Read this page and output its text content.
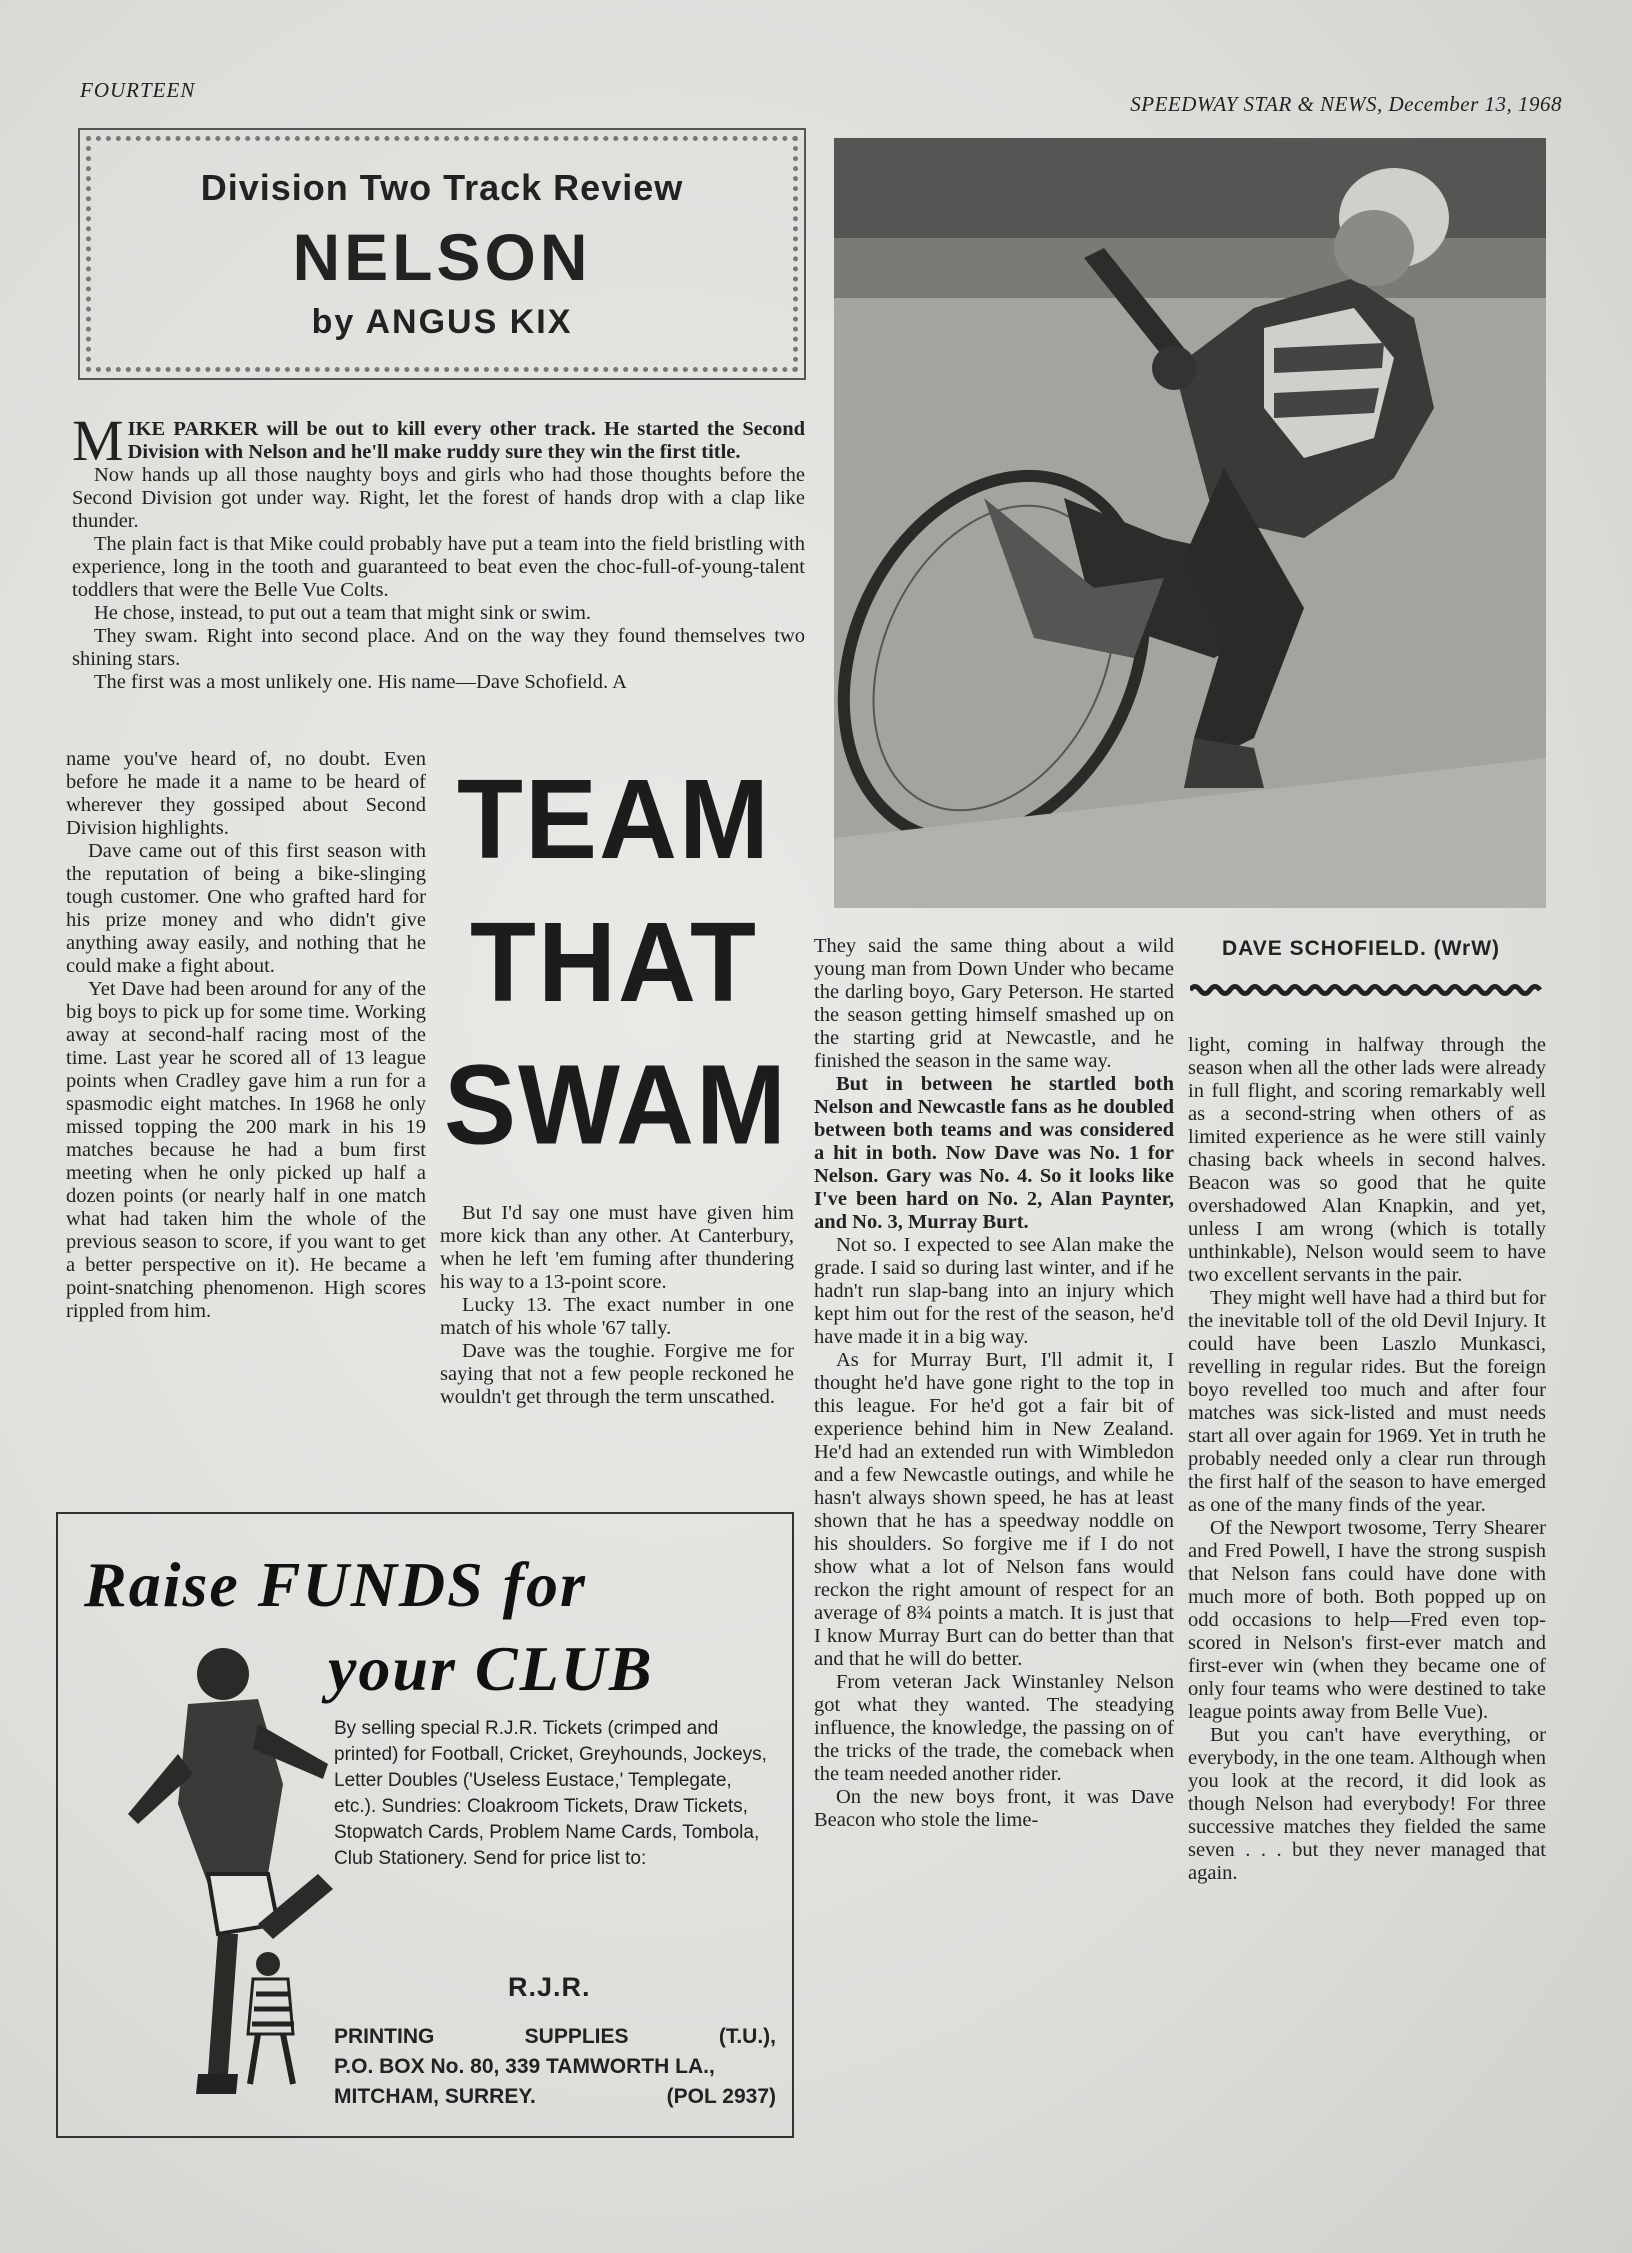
FOURTEEN
SPEEDWAY STAR & NEWS, December 13, 1968
Division Two Track Review
NELSON
by ANGUS KIX
DAVE SCHOFIELD. (WrW)

MIKE PARKER will be out to kill every other track. He started the Second Division with Nelson and he'll make ruddy sure they win the first title.

Now hands up all those naughty boys and girls who had those thoughts before the Second Division got under way. Right, let the forest of hands drop with a clap like thunder.

The plain fact is that Mike could probably have put a team into the field bristling with experience, long in the tooth and guaranteed to beat even the choc-full-of-young-talent toddlers that were the Belle Vue Colts.

He chose, instead, to put out a team that might sink or swim.

They swam. Right into second place. And on the way they found themselves two shining stars.

The first was a most unlikely one. His name—Dave Schofield. A

TEAM
THAT
SWAM

name you've heard of, no doubt. Even before he made it a name to be heard of wherever they gossiped about Second Division highlights.

Dave came out of this first season with the reputation of being a bike-slinging tough customer. One who grafted hard for his prize money and who didn't give anything away easily, and nothing that he could make a fight about.

Yet Dave had been around for any of the big boys to pick up for some time. Working away at second-half racing most of the time. Last year he scored all of 13 league points when Cradley gave him a run for a spasmodic eight matches. In 1968 he only missed topping the 200 mark in his 19 matches because he had a bum first meeting when he only picked up half a dozen points (or nearly half in one match what had taken him the whole of the previous season to score, if you want to get a better perspective on it). He became a point-snatching phenomenon. High scores rippled from him.

But I'd say one must have given him more kick than any other. At Canterbury, when he left 'em fuming after thundering his way to a 13-point score.

Lucky 13. The exact number in one match of his whole '67 tally.

Dave was the toughie. Forgive me for saying that not a few people reckoned he wouldn't get through the term unscathed.

They said the same thing about a wild young man from Down Under who became the darling boyo, Gary Peterson. He started the season getting himself smashed up on the starting grid at Newcastle, and he finished the season in the same way.

But in between he startled both Nelson and Newcastle fans as he doubled between both teams and was considered a hit in both. Now Dave was No. 1 for Nelson. Gary was No. 4. So it looks like I've been hard on No. 2, Alan Paynter, and No. 3, Murray Burt.

Not so. I expected to see Alan make the grade. I said so during last winter, and if he hadn't run slap-bang into an injury which kept him out for the rest of the season, he'd have made it in a big way.

As for Murray Burt, I'll admit it, I thought he'd have gone right to the top in this league. For he'd got a fair bit of experience behind him in New Zealand. He'd had an extended run with Wimbledon and a few Newcastle outings, and while he hasn't always shown speed, he has at least shown that he has a speedway noddle on his shoulders. So forgive me if I do not show what a lot of Nelson fans would reckon the right amount of respect for an average of 8¾ points a match. It is just that I know Murray Burt can do better than that and that he will do better.

From veteran Jack Winstanley Nelson got what they wanted. The steadying influence, the knowledge, the passing on of the tricks of the trade, the comeback when the team needed another rider.

On the new boys front, it was Dave Beacon who stole the lime-

light, coming in halfway through the season when all the other lads were already in full flight, and scoring remarkably well as a second-string when others of as limited experience as he were still vainly chasing back wheels in second halves. Beacon was so good that he quite overshadowed Alan Knapkin, and yet, unless I am wrong (which is totally unthinkable), Nelson would seem to have two excellent servants in the pair.

They might well have had a third but for the inevitable toll of the old Devil Injury. It could have been Laszlo Munkasci, revelling in regular rides. But the foreign boyo revelled too much and after four matches was sick-listed and must needs start all over again for 1969. Yet in truth he probably needed only a clear run through the first half of the season to have emerged as one of the many finds of the year.

Of the Newport twosome, Terry Shearer and Fred Powell, I have the strong suspish that Nelson fans could have done with much more of both. Both popped up on odd occasions to help—Fred even top-scored in Nelson's first-ever match and first-ever win (when they became one of only four teams who were destined to take league points away from Belle Vue).

But you can't have everything, or everybody, in the one team. Although when you look at the record, it did look as though Nelson had everybody! For three successive matches they fielded the same seven . . . but they never managed that again.

Raise FUNDS for
your CLUB
By selling special R.J.R. Tickets (crimped and printed) for Football, Cricket, Greyhounds, Jockeys, Letter Doubles ('Useless Eustace,' Templegate, etc.). Sundries: Cloakroom Tickets, Draw Tickets, Stopwatch Cards, Problem Name Cards, Tombola, Club Stationery. Send for price list to:
R.J.R.
PRINTING	SUPPLIES	(T.U.),
P.O. BOX No. 80, 339 TAMWORTH LA.,
MITCHAM, SURREY.	(POL 2937)
